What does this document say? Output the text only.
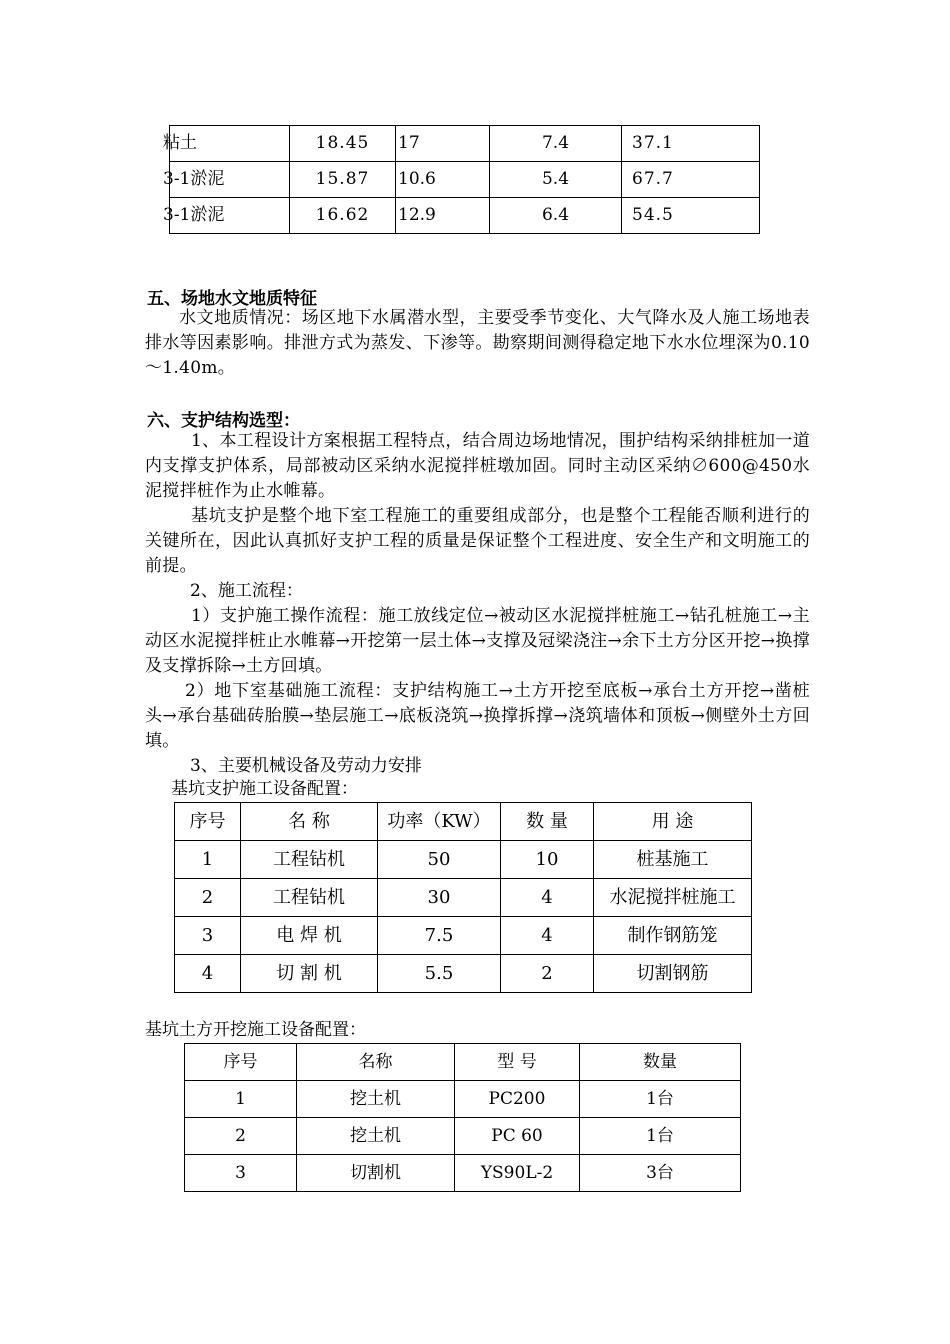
粘土	18.45	17	7.4	37.1
3-1淤泥	15.87	10.6	5.4	67.7
3-1淤泥	16.62	12.9	6.4	54.5
五、场地水文地质特征
水文地质情况：场区地下水属潜水型，主要受季节变化、大气降水及人施工场地表排水等因素影响。排泄方式为蒸发、下渗等。勘察期间测得稳定地下水水位埋深为0.10～1.40m。
六、支护结构选型：
1、本工程设计方案根据工程特点，结合周边场地情况，围护结构采纳排桩加一道内支撑支护体系，局部被动区采纳水泥搅拌桩墩加固。同时主动区采纳∅600@450水泥搅拌桩作为止水帷幕。
基坑支护是整个地下室工程施工的重要组成部分，也是整个工程能否顺利进行的关键所在，因此认真抓好支护工程的质量是保证整个工程进度、安全生产和文明施工的前提。
2、施工流程：
1）支护施工操作流程：施工放线定位→被动区水泥搅拌桩施工→钻孔桩施工→主动区水泥搅拌桩止水帷幕→开挖第一层土体→支撑及冠梁浇注→余下土方分区开挖→换撑及支撑拆除→土方回填。
2）地下室基础施工流程：支护结构施工→土方开挖至底板→承台土方开挖→凿桩头→承台基础砖胎膜→垫层施工→底板浇筑→换撑拆撑→浇筑墙体和顶板→侧壁外土方回填。
3、主要机械设备及劳动力安排
基坑支护施工设备配置：
序号	名 称	功率（KW）	数 量	用 途
1	工程钻机	50	10	桩基施工
2	工程钻机	30	4	水泥搅拌桩施工
3	电 焊 机	7.5	4	制作钢筋笼
4	切 割 机	5.5	2	切割钢筋
基坑土方开挖施工设备配置：
序号	名称	型 号	数量
1	挖土机	PC200	1台
2	挖土机	PC 60	1台
3	切割机	YS90L-2	3台
